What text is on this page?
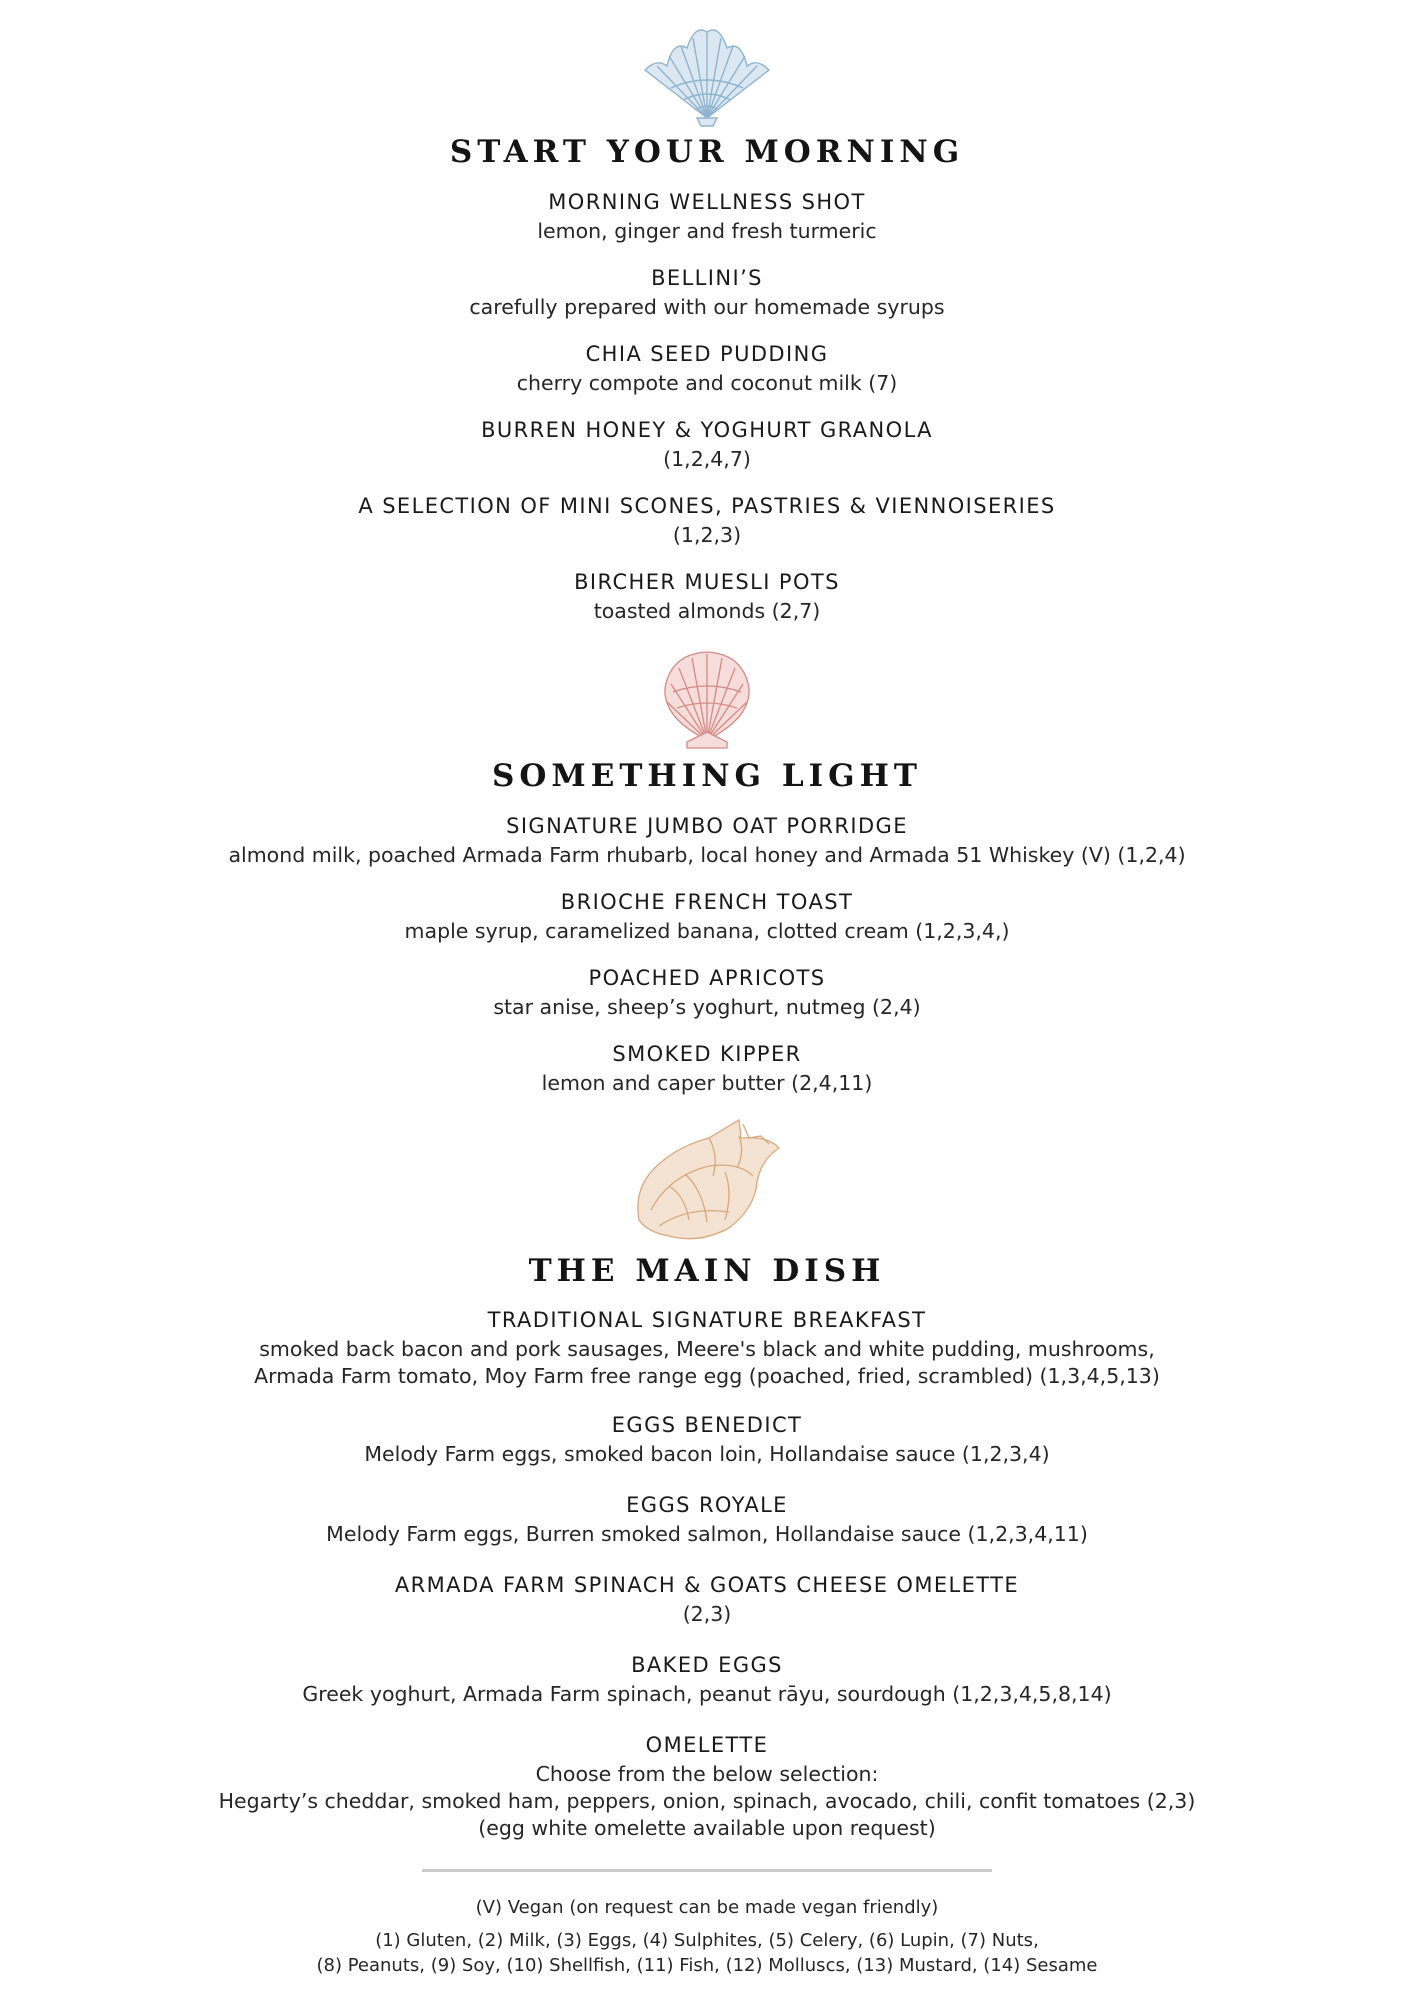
START YOUR MORNING

MORNING WELLNESS SHOT

lemon, ginger and fresh turmeric

BELLINI’S

carefully prepared with our homemade syrups

CHIA SEED PUDDING

cherry compote and coconut milk (7)

BURREN HONEY & YOGHURT GRANOLA

(1,2,4,7)

A SELECTION OF MINI SCONES, PASTRIES & VIENNOISERIES

(1,2,3)

BIRCHER MUESLI POTS

toasted almonds (2,7)

SOMETHING LIGHT

SIGNATURE JUMBO OAT PORRIDGE

almond milk, poached Armada Farm rhubarb, local honey and Armada 51 Whiskey (V) (1,2,4)

BRIOCHE FRENCH TOAST

maple syrup, caramelized banana, clotted cream (1,2,3,4,)

POACHED APRICOTS

star anise, sheep’s yoghurt, nutmeg (2,4)

SMOKED KIPPER

lemon and caper butter (2,4,11)

THE MAIN DISH

TRADITIONAL SIGNATURE BREAKFAST

smoked back bacon and pork sausages, Meere's black and white pudding, mushrooms,

Armada Farm tomato, Moy Farm free range egg (poached, fried, scrambled) (1,3,4,5,13)

EGGS BENEDICT

Melody Farm eggs, smoked bacon loin, Hollandaise sauce (1,2,3,4)

EGGS ROYALE

Melody Farm eggs, Burren smoked salmon, Hollandaise sauce (1,2,3,4,11)

ARMADA FARM SPINACH & GOATS CHEESE OMELETTE

(2,3)

BAKED EGGS

Greek yoghurt, Armada Farm spinach, peanut rāyu, sourdough (1,2,3,4,5,8,14)

OMELETTE

Choose from the below selection:

Hegarty’s cheddar, smoked ham, peppers, onion, spinach, avocado, chili, confit tomatoes (2,3)

(egg white omelette available upon request)

(V) Vegan (on request can be made vegan friendly)

(1) Gluten, (2) Milk, (3) Eggs, (4) Sulphites, (5) Celery, (6) Lupin, (7) Nuts,

(8) Peanuts, (9) Soy, (10) Shellfish, (11) Fish, (12) Molluscs, (13) Mustard, (14) Sesame
